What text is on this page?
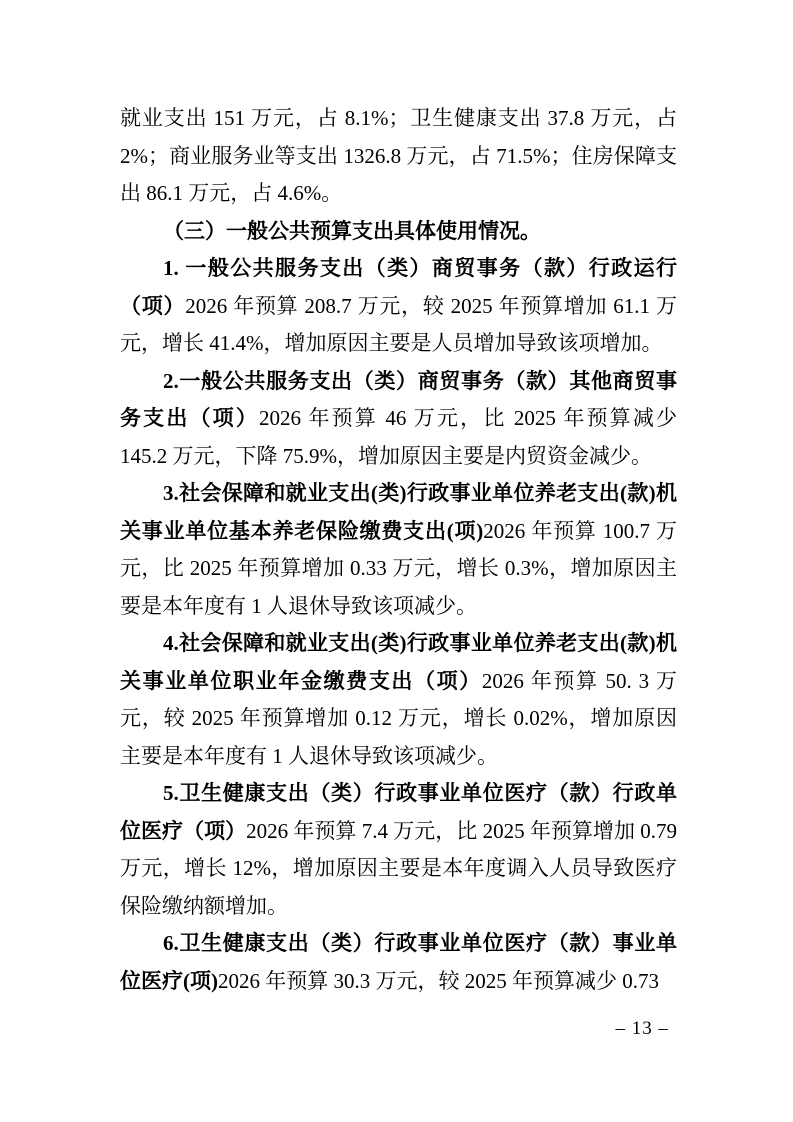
就业支出 151 万元，占 8.1%；卫生健康支出 37.8 万元，占 2%；商业服务业等支出 1326.8 万元，占 71.5%；住房保障支出 86.1 万元，占 4.6%。

（三）一般公共预算支出具体使用情况。

1. 一般公共服务支出（类）商贸事务（款）行政运行（项）2026 年预算 208.7 万元，较 2025 年预算增加 61.1 万元，增长 41.4%，增加原因主要是人员增加导致该项增加。

2.一般公共服务支出（类）商贸事务（款）其他商贸事务支出（项）2026 年预算 46 万元，比 2025 年预算减少 145.2 万元，下降 75.9%，增加原因主要是内贸资金减少。

3.社会保障和就业支出(类)行政事业单位养老支出(款)机关事业单位基本养老保险缴费支出(项)2026 年预算 100.7 万元，比 2025 年预算增加 0.33 万元，增长 0.3%，增加原因主要是本年度有 1 人退休导致该项减少。

4.社会保障和就业支出(类)行政事业单位养老支出(款)机关事业单位职业年金缴费支出（项）2026 年预算 50. 3 万元，较 2025 年预算增加 0.12 万元，增长 0.02%，增加原因主要是本年度有 1 人退休导致该项减少。

5.卫生健康支出（类）行政事业单位医疗（款）行政单位医疗（项）2026 年预算 7.4 万元，比 2025 年预算增加 0.79 万元，增长 12%，增加原因主要是本年度调入人员导致医疗保险缴纳额增加。

6.卫生健康支出（类）行政事业单位医疗（款）事业单位医疗(项)2026 年预算 30.3 万元，较 2025 年预算减少 0.73

– 13 –
